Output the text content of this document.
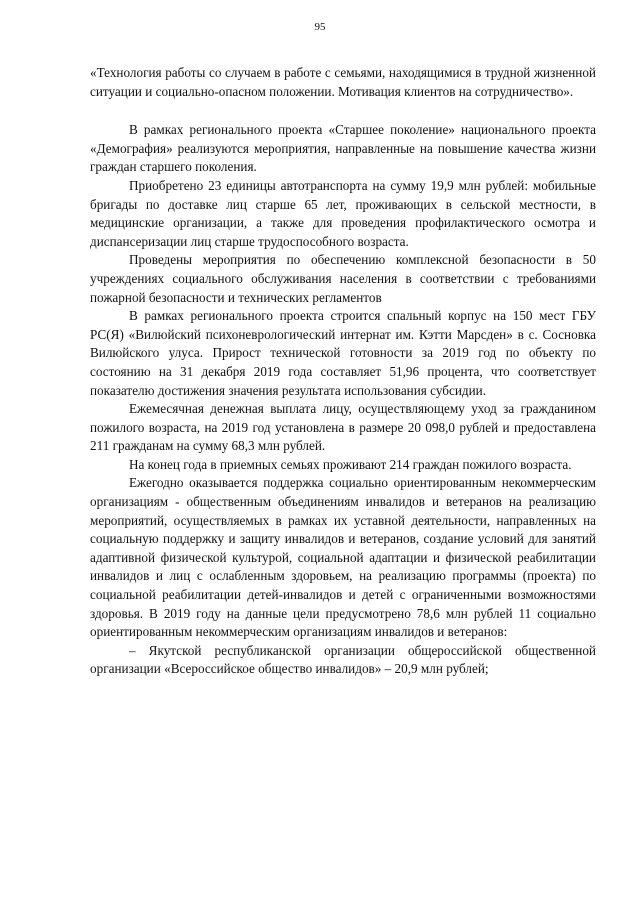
95

«Технология работы со случаем в работе с семьями, находящимися в трудной жизненной ситуации и социально-опасном положении. Мотивация клиентов на сотрудничество».

В рамках регионального проекта «Старшее поколение» национального проекта «Демография» реализуются мероприятия, направленные на повышение качества жизни граждан старшего поколения.

Приобретено 23 единицы автотранспорта на сумму 19,9 млн рублей: мобильные бригады по доставке лиц старше 65 лет, проживающих в сельской местности, в медицинские организации, а также для проведения профилактического осмотра и диспансеризации лиц старше трудоспособного возраста.

Проведены мероприятия по обеспечению комплексной безопасности в 50 учреждениях социального обслуживания населения в соответствии с требованиями пожарной безопасности и технических регламентов

В рамках регионального проекта строится спальный корпус на 150 мест ГБУ РС(Я) «Вилюйский психоневрологический интернат им. Кэтти Марсден» в с. Сосновка Вилюйского улуса. Прирост технической готовности за 2019 год по объекту по состоянию на 31 декабря 2019 года составляет 51,96 процента, что соответствует показателю достижения значения результата использования субсидии.

Ежемесячная денежная выплата лицу, осуществляющему уход за гражданином пожилого возраста, на 2019 год установлена в размере 20 098,0 рублей и предоставлена 211 гражданам на сумму 68,3 млн рублей.

На конец года в приемных семьях проживают 214 граждан пожилого возраста.

Ежегодно оказывается поддержка социально ориентированным некоммерческим организациям - общественным объединениям инвалидов и ветеранов на реализацию мероприятий, осуществляемых в рамках их уставной деятельности, направленных на социальную поддержку и защиту инвалидов и ветеранов, создание условий для занятий адаптивной физической культурой, социальной адаптации и физической реабилитации инвалидов и лиц с ослабленным здоровьем, на реализацию программы (проекта) по социальной реабилитации детей-инвалидов и детей с ограниченными возможностями здоровья. В 2019 году на данные цели предусмотрено 78,6 млн рублей 11 социально ориентированным некоммерческим организациям инвалидов и ветеранов:

– Якутской республиканской организации общероссийской общественной организации «Всероссийское общество инвалидов» – 20,9 млн рублей;
